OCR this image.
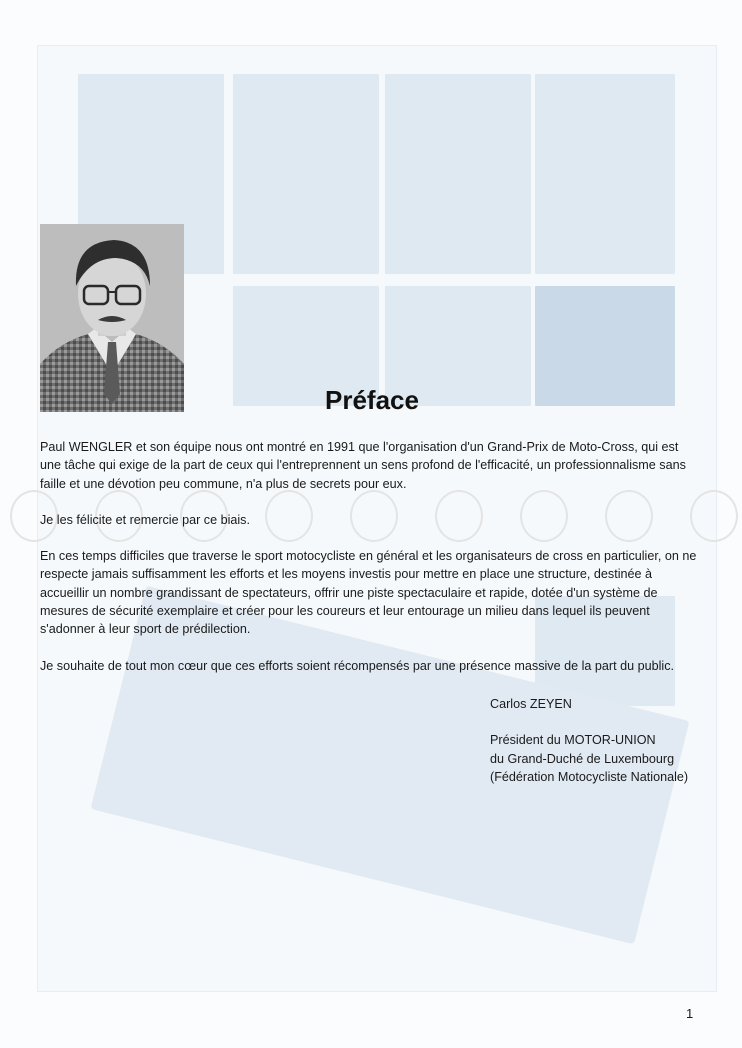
Préface

Paul WENGLER et son équipe nous ont montré en 1991 que l'organisation d'un Grand-Prix de Moto-Cross, qui est une tâche qui exige de la part de ceux qui l'entreprennent un sens profond de l'efficacité, un professionnalisme sans faille et une dévotion peu commune, n'a plus de secrets pour eux.

Je les félicite et remercie par ce biais.

En ces temps difficiles que traverse le sport motocycliste en général et les organisateurs de cross en particulier, on ne respecte jamais suffisamment les efforts et les moyens investis pour mettre en place une structure, destinée à accueillir un nombre grandissant de spectateurs, offrir une piste spectaculaire et rapide, dotée d'un système de mesures de sécurité exemplaire et créer pour les coureurs et leur entourage un milieu dans lequel ils peuvent s'adonner à leur sport de prédilection.

Je souhaite de tout mon cœur que ces efforts soient récompensés par une présence massive de la part du public.

Carlos ZEYEN

Président du MOTOR-UNION

du Grand-Duché de Luxembourg

(Fédération Motocycliste Nationale)

1
